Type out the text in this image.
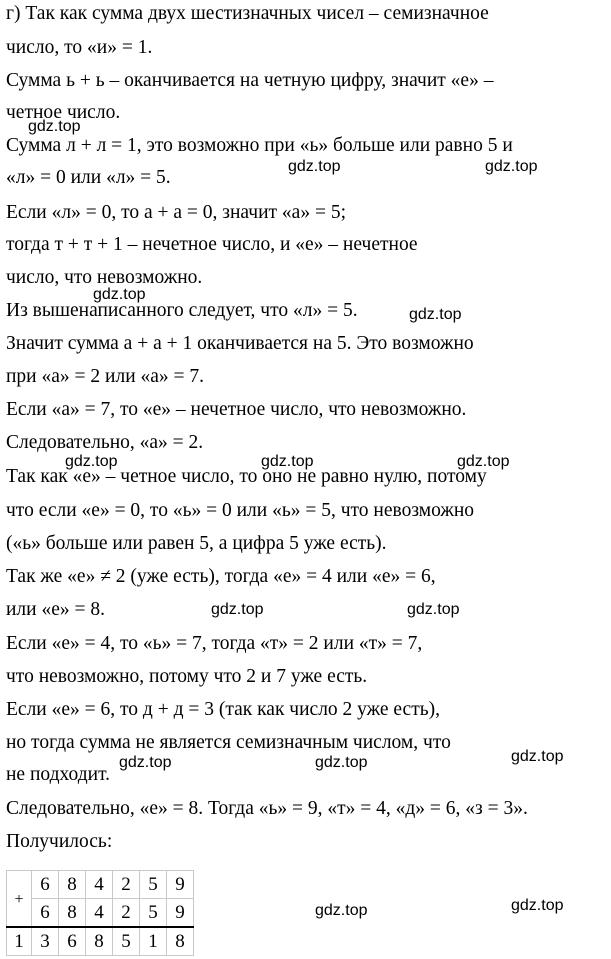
г) Так как сумма двух шестизначных чисел – семизначное
число, то «и» = 1.
Сумма ь + ь – оканчивается на четную цифру, значит «е» –
четное число.
Сумма л + л = 1, это возможно при «ь» больше или равно 5 и
«л» = 0 или «л» = 5.
Если «л» = 0, то а + а = 0, значит «а» = 5;
тогда т + т + 1 – нечетное число, и «е» – нечетное
число, что невозможно.
Из вышенаписанного следует, что «л» = 5.
Значит сумма а + а + 1 оканчивается на 5. Это возможно
при «а» = 2 или «а» = 7.
Если «а» = 7, то «е» – нечетное число, что невозможно.
Следовательно, «а» = 2.
Так как «е» – четное число, то оно не равно нулю, потому
что если «е» = 0, то «ь» = 0 или «ь» = 5, что невозможно
(«ь» больше или равен 5, а цифра 5 уже есть).
Так же «е» ≠ 2 (уже есть), тогда «е» = 4 или «е» = 6,
или «е» = 8.
Если «е» = 4, то «ь» = 7, тогда «т» = 2 или «т» = 7,
что невозможно, потому что 2 и 7 уже есть.
Если «е» = 6, то д + д = 3 (так как число 2 уже есть),
но тогда сумма не является семизначным числом, что
не подходит.
Следовательно, «е» = 8. Тогда «ь» = 9, «т» = 4, «д» = 6, «з = 3».
Получилось:
gdz.top
gdz.top	gdz.top
gdz.top
gdz.top
gdz.top	gdz.top	gdz.top
gdz.top	gdz.top
gdz.top	gdz.top	gdz.top
gdz.top	gdz.top
+	6	8	4	2	5	9
	6	8	4	2	5	9
1	3	6	8	5	1	8
